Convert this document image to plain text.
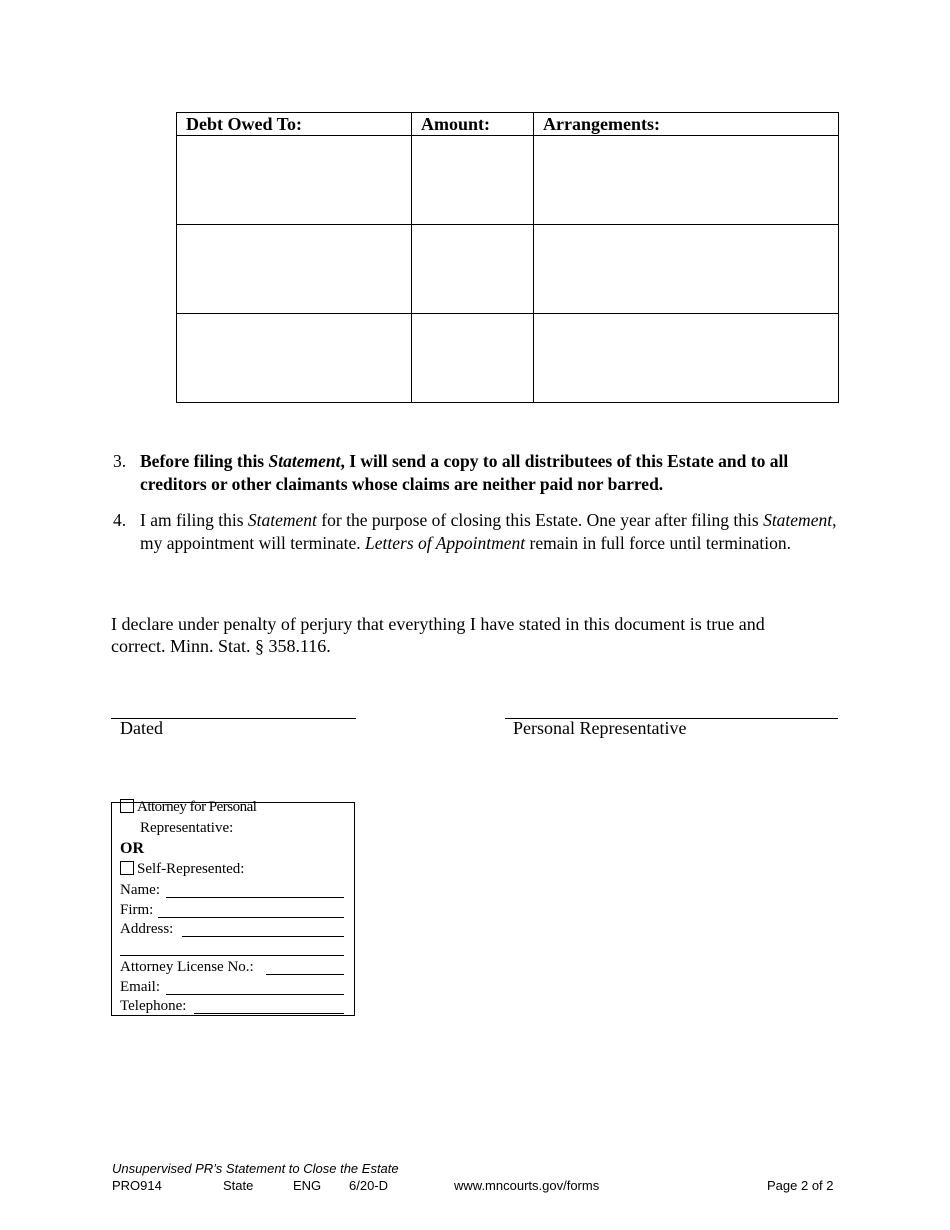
Debt Owed To:	Amount:	Arrangements:

3. Before filing this Statement, I will send a copy to all distributees of this Estate and to all creditors or other claimants whose claims are neither paid nor barred.
4. I am filing this Statement for the purpose of closing this Estate. One year after filing this Statement, my appointment will terminate. Letters of Appointment remain in full force until termination.
I declare under penalty of perjury that everything I have stated in this document is true and correct. Minn. Stat. § 358.116.
Dated	Personal Representative
Attorney for Personal
Representative:
OR
Self-Represented:
Name:
Firm:
Address:
Attorney License No.:
Email:
Telephone:
Unsupervised PR’s Statement to Close the Estate
PRO914	State	ENG 6/20-D	www.mncourts.gov/forms	Page 2 of 2
